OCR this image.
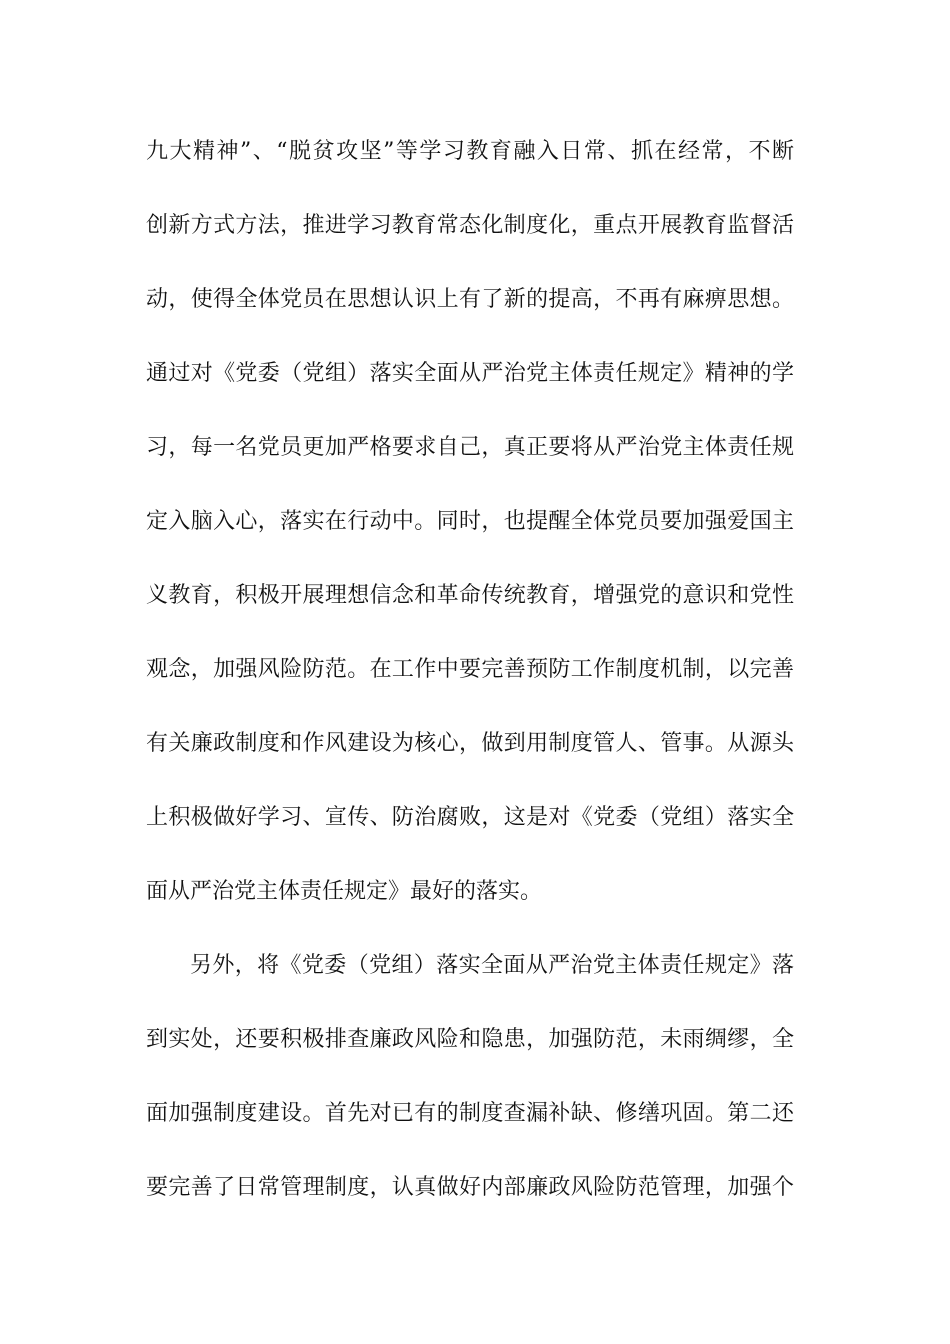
九大精神”、“脱贫攻坚”等学习教育融入日常、抓在经常，不断
创新方式方法，推进学习教育常态化制度化，重点开展教育监督活
动，使得全体党员在思想认识上有了新的提高，不再有麻痹思想。
通过对《党委（党组）落实全面从严治党主体责任规定》精神的学
习，每一名党员更加严格要求自己，真正要将从严治党主体责任规
定入脑入心，落实在行动中。同时，也提醒全体党员要加强爱国主
义教育，积极开展理想信念和革命传统教育，增强党的意识和党性
观念，加强风险防范。在工作中要完善预防工作制度机制，以完善
有关廉政制度和作风建设为核心，做到用制度管人、管事。从源头
上积极做好学习、宣传、防治腐败，这是对《党委（党组）落实全
面从严治党主体责任规定》最好的落实。
另外，将《党委（党组）落实全面从严治党主体责任规定》落
到实处，还要积极排查廉政风险和隐患，加强防范，未雨绸缪，全
面加强制度建设。首先对已有的制度查漏补缺、修缮巩固。第二还
要完善了日常管理制度，认真做好内部廉政风险防范管理，加强个
